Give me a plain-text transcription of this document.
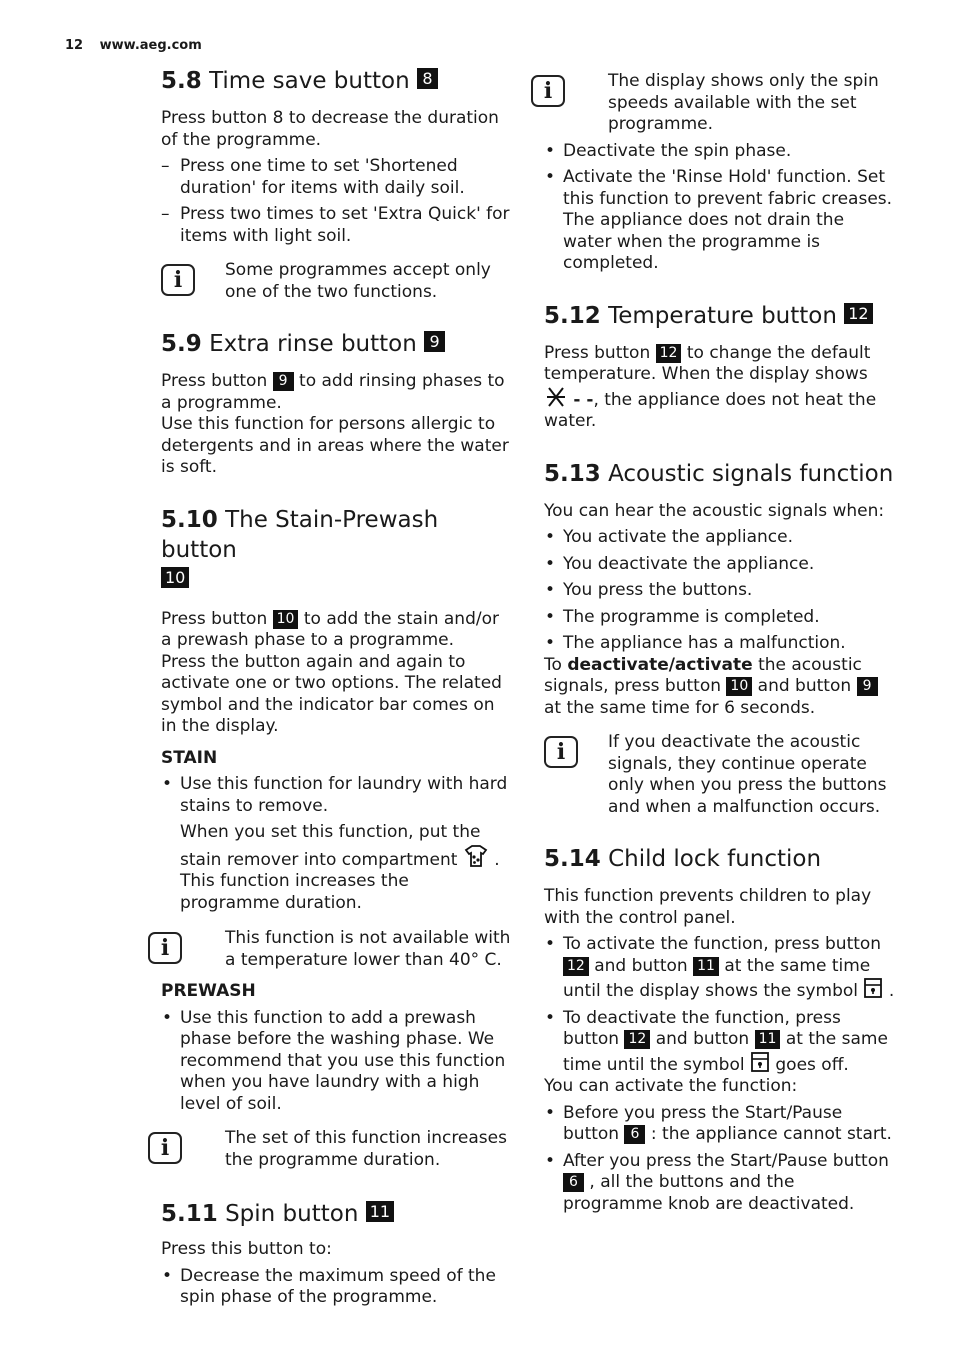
12 www.aeg.com
5.8 Time save button 8

Press button 8 to decrease the duration of the programme.

– Press one time to set 'Shortened duration' for items with daily soil.
– Press two times to set 'Extra Quick' for items with light soil.
i	Some programmes accept only one of the two functions.

5.9 Extra rinse button 9

Press button 9 to add rinsing phases to a programme.

Use this function for persons allergic to detergents and in areas where the water is soft.

5.10 The Stain-Prewash button
10

Press button 10 to add the stain and/or a prewash phase to a programme.

Press the button again and again to activate one or two options. The related symbol and the indicator bar comes on in the display.

STAIN

• Use this function for laundry with hard stains to remove.

When you set this function, put the stain remover into compartment . This function increases the programme duration.

i	This function is not available with a temperature lower than 40° C.

PREWASH

• Use this function to add a prewash phase before the washing phase. We recommend that you use this function when you have laundry with a high level of soil.
i	The set of this function increases the programme duration.

5.11 Spin button 11

Press this button to:

• Decrease the maximum speed of the spin phase of the programme.
i	The display shows only the spin speeds available with the set programme.

• Deactivate the spin phase.
• Activate the 'Rinse Hold' function. Set this function to prevent fabric creases. The appliance does not drain the water when the programme is completed.
5.12 Temperature button 12

Press button 12 to change the default temperature. When the display shows  - -, the appliance does not heat the water.

5.13 Acoustic signals function

You can hear the acoustic signals when:

• You activate the appliance.
• You deactivate the appliance.
• You press the buttons.
• The programme is completed.
• The appliance has a malfunction.

To deactivate/activate the acoustic signals, press button 10 and button 9 at the same time for 6 seconds.

i	If you deactivate the acoustic signals, they continue operate only when you press the buttons and when a malfunction occurs.

5.14 Child lock function

This function prevents children to play with the control panel.

• To activate the function, press button 12 and button 11 at the same time until the display shows the symbol .
• To deactivate the function, press button 12 and button 11 at the same time until the symbol goes off.

You can activate the function:

• Before you press the Start/Pause button 6 : the appliance cannot start.
• After you press the Start/Pause button 6 , all the buttons and the programme knob are deactivated.
